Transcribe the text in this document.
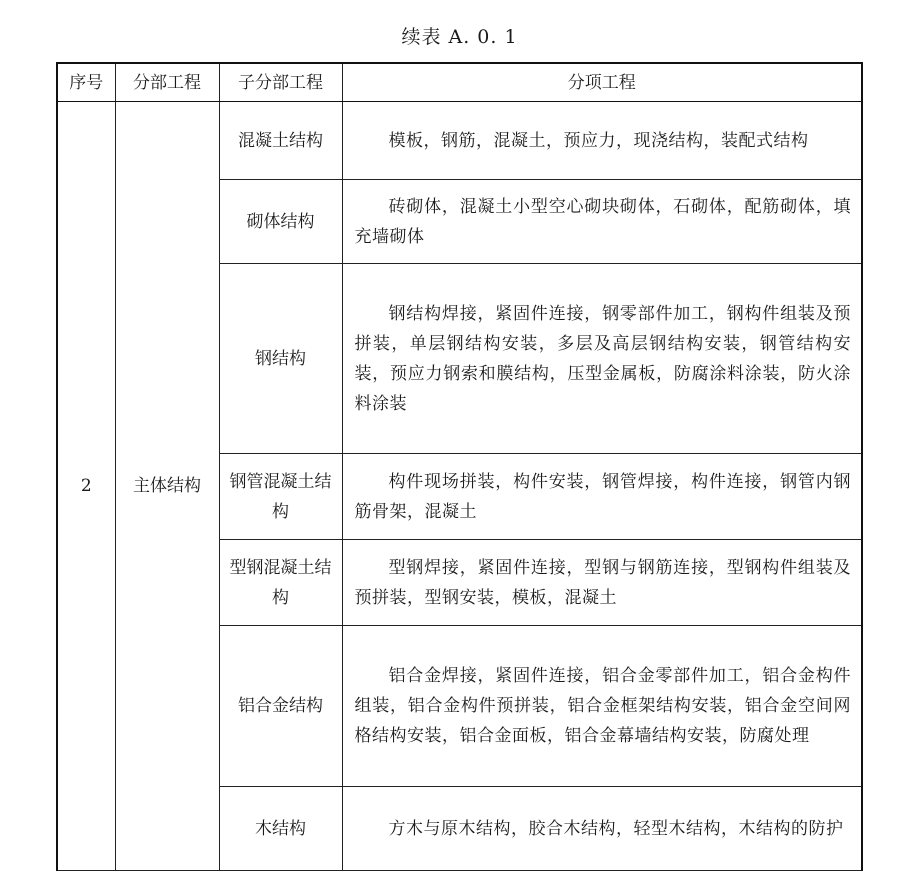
续表 A. 0. 1
序号	分部工程	子分部工程	分项工程
2	主体结构	混凝土结构	模板，钢筋，混凝土，预应力，现浇结构，装配式结构

		砌体结构	砖砌体，混凝土小型空心砌块砌体，石砌体，配筋砌体，填充墙砌体

		钢结构	钢结构焊接，紧固件连接，钢零部件加工，钢构件组装及预拼装，单层钢结构安装，多层及高层钢结构安装，钢管结构安装，预应力钢索和膜结构，压型金属板，防腐涂料涂装，防火涂料涂装

		钢管混凝土结构	构件现场拼装，构件安装，钢管焊接，构件连接，钢管内钢筋骨架，混凝土

		型钢混凝土结构	型钢焊接，紧固件连接，型钢与钢筋连接，型钢构件组装及预拼装，型钢安装，模板，混凝土

		铝合金结构	铝合金焊接，紧固件连接，铝合金零部件加工，铝合金构件组装，铝合金构件预拼装，铝合金框架结构安装，铝合金空间网格结构安装，铝合金面板，铝合金幕墙结构安装，防腐处理

		木结构	方木与原木结构，胶合木结构，轻型木结构，木结构的防护
